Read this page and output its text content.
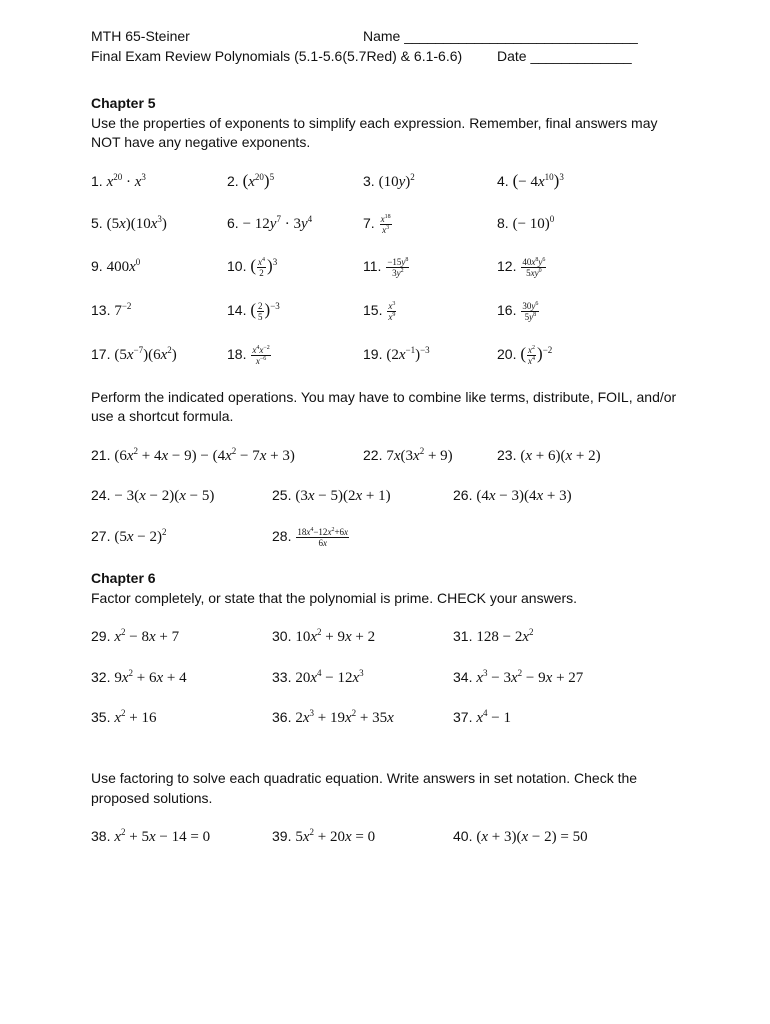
MTH 65-Steiner	Name ______________________________
Final Exam Review Polynomials (5.1-5.6(5.7Red) & 6.1-6.6) Date _____________
Chapter 5
Use the properties of exponents to simplify each expression. Remember, final answers may
NOT have any negative exponents.
1. $x^{20} \cdot x^3$	2. $(x^{20})^5$	3. $(10y)^2$	4. (− $4x^{10})^3$
5. $(5x)(10x^3)$	6. − $12y^7 \cdot 3y^4$	7. $\frac{x^{18}}{x^3}$	8. (− 10)$^0$
9. $400x^0$	10. ( $\frac{x^4}{2} )^3$	11. $\frac{-15y^8}{3y^2}$	12. $\frac{40x^8y^6}{5xy^0}$
13. $7^{-2}$	14. ( $\frac{2}{5} )^{-3}$	15. $\frac{x^3}{x^9}$	16. $\frac{30y^6}{5y^8}$
17. $(5x^{-7})(6x^2)$	18. $\frac{x^4x^{-2}}{x^{-6}}$	19. $(2x^{-1})^{-3}$	20. ( $\frac{x^2}{x^4} )^{-2}$
Perform the indicated operations. You may have to combine like terms, distribute, FOIL, and/or
use a shortcut formula.
21. $(6x^2 + 4x - 9) - (4x^2 - 7x + 3)$	22. $7x(3x^2 + 9)$	23. (x + 6)(x + 2)
24. − 3(x − 2)(x − 5)	25. (3x − 5)(2x + 1)	26. (4x − 3)(4x + 3)
27. $(5x - 2)^2$	28. $\frac{18x^4-12x^2+6x}{6x}$
Chapter 6
Factor completely, or state that the polynomial is prime. CHECK your answers.
29. $x^2 - 8x + 7$	30. $10x^2 + 9x + 2$	31. $128 - 2x^2$
32. $9x^2 + 6x + 4$	33. $20x^4 - 12x^3$	34. $x^3 - 3x^2 - 9x + 27$
35. $x^2 + 16$	36. $2x^3 + 19x^2 + 35x$	37. $x^4 - 1$
Use factoring to solve each quadratic equation. Write answers in set notation. Check the
proposed solutions.
38. $x^2 + 5x - 14 = 0$	39. $5x^2 + 20x = 0$	40. (x + 3)(x − 2) = 50
